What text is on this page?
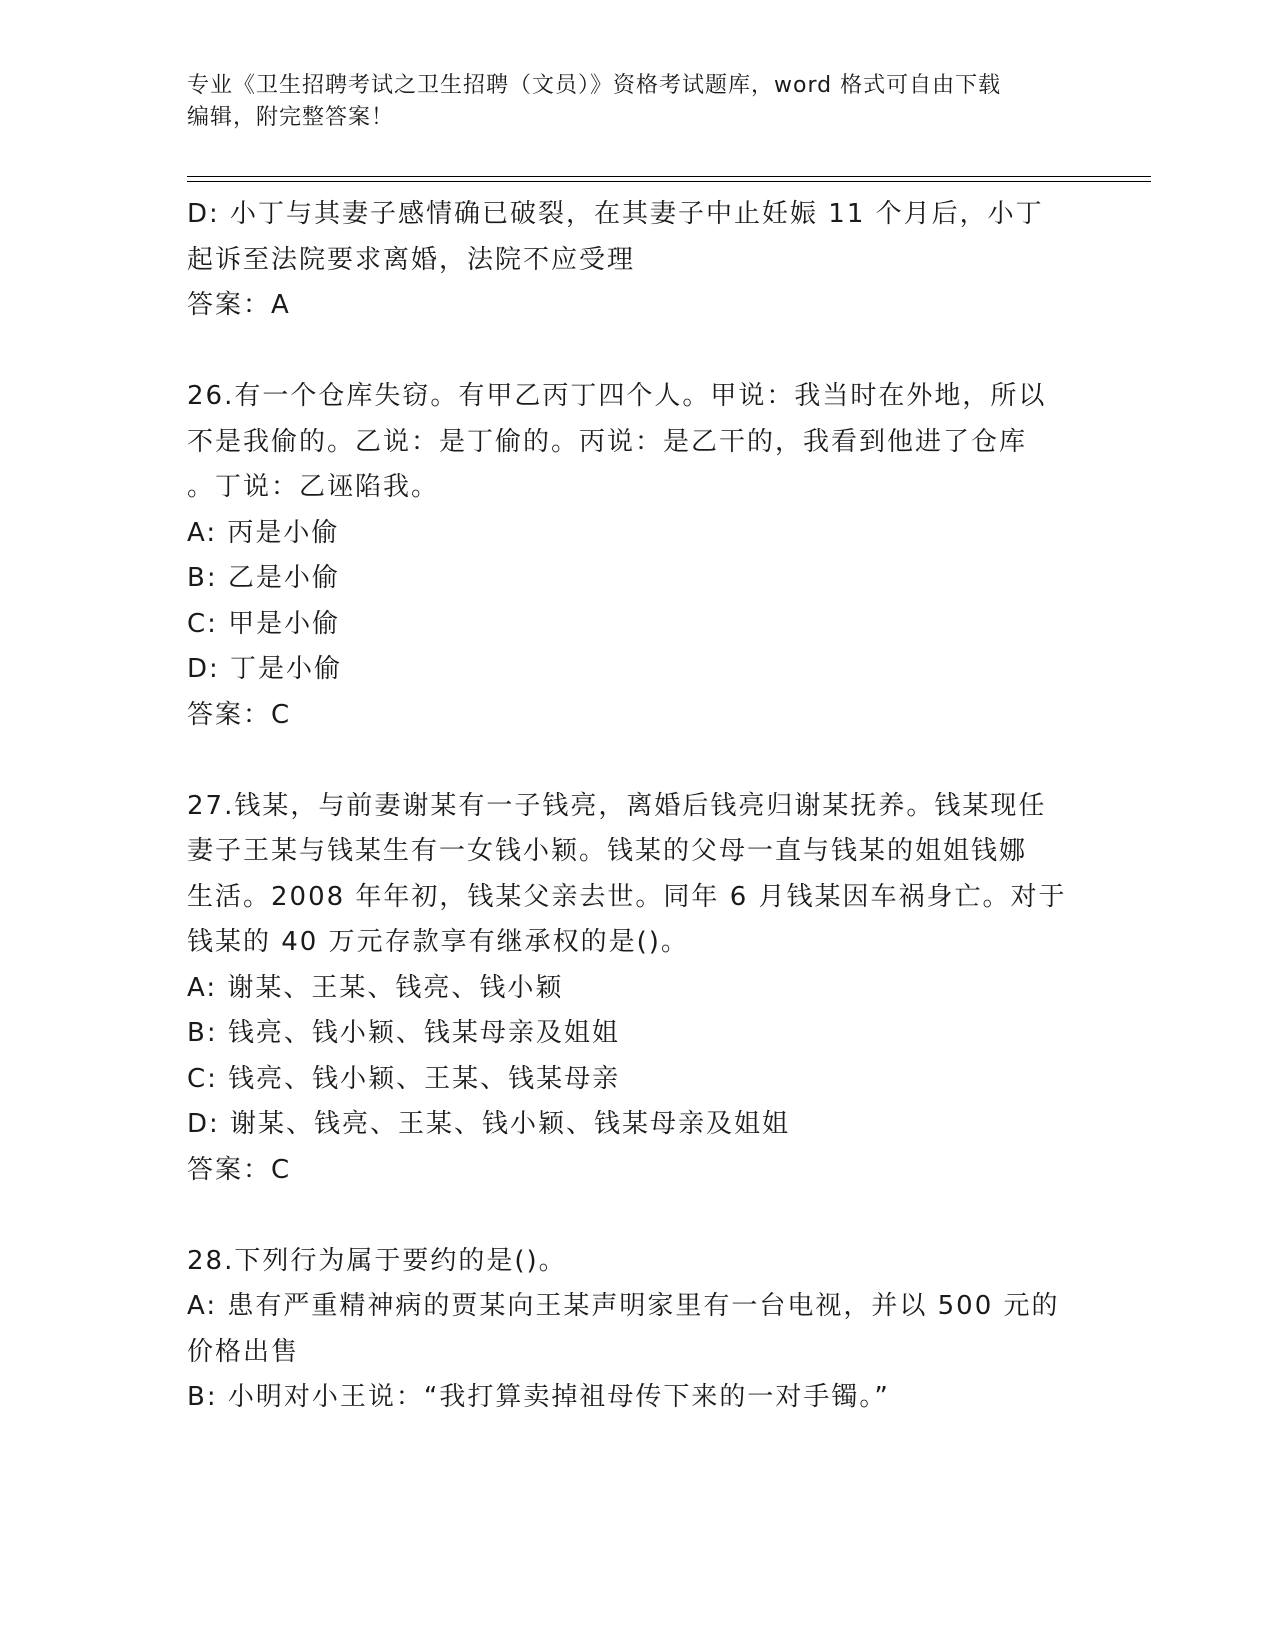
专业《卫生招聘考试之卫生招聘（文员）》资格考试题库，word 格式可自由下载
编辑，附完整答案！

D: 小丁与其妻子感情确已破裂，在其妻子中止妊娠 11 个月后，小丁

起诉至法院要求离婚，法院不应受理

答案：A

26.有一个仓库失窃。有甲乙丙丁四个人。甲说：我当时在外地，所以

不是我偷的。乙说：是丁偷的。丙说：是乙干的，我看到他进了仓库

。丁说：乙诬陷我。

A: 丙是小偷

B: 乙是小偷

C: 甲是小偷

D: 丁是小偷

答案：C

27.钱某，与前妻谢某有一子钱亮，离婚后钱亮归谢某抚养。钱某现任

妻子王某与钱某生有一女钱小颖。钱某的父母一直与钱某的姐姐钱娜

生活。2008 年年初，钱某父亲去世。同年 6 月钱某因车祸身亡。对于

钱某的 40 万元存款享有继承权的是()。

A: 谢某、王某、钱亮、钱小颖

B: 钱亮、钱小颖、钱某母亲及姐姐

C: 钱亮、钱小颖、王某、钱某母亲

D: 谢某、钱亮、王某、钱小颖、钱某母亲及姐姐

答案：C

28.下列行为属于要约的是()。

A: 患有严重精神病的贾某向王某声明家里有一台电视，并以 500 元的

价格出售

B: 小明对小王说：“我打算卖掉祖母传下来的一对手镯。”
